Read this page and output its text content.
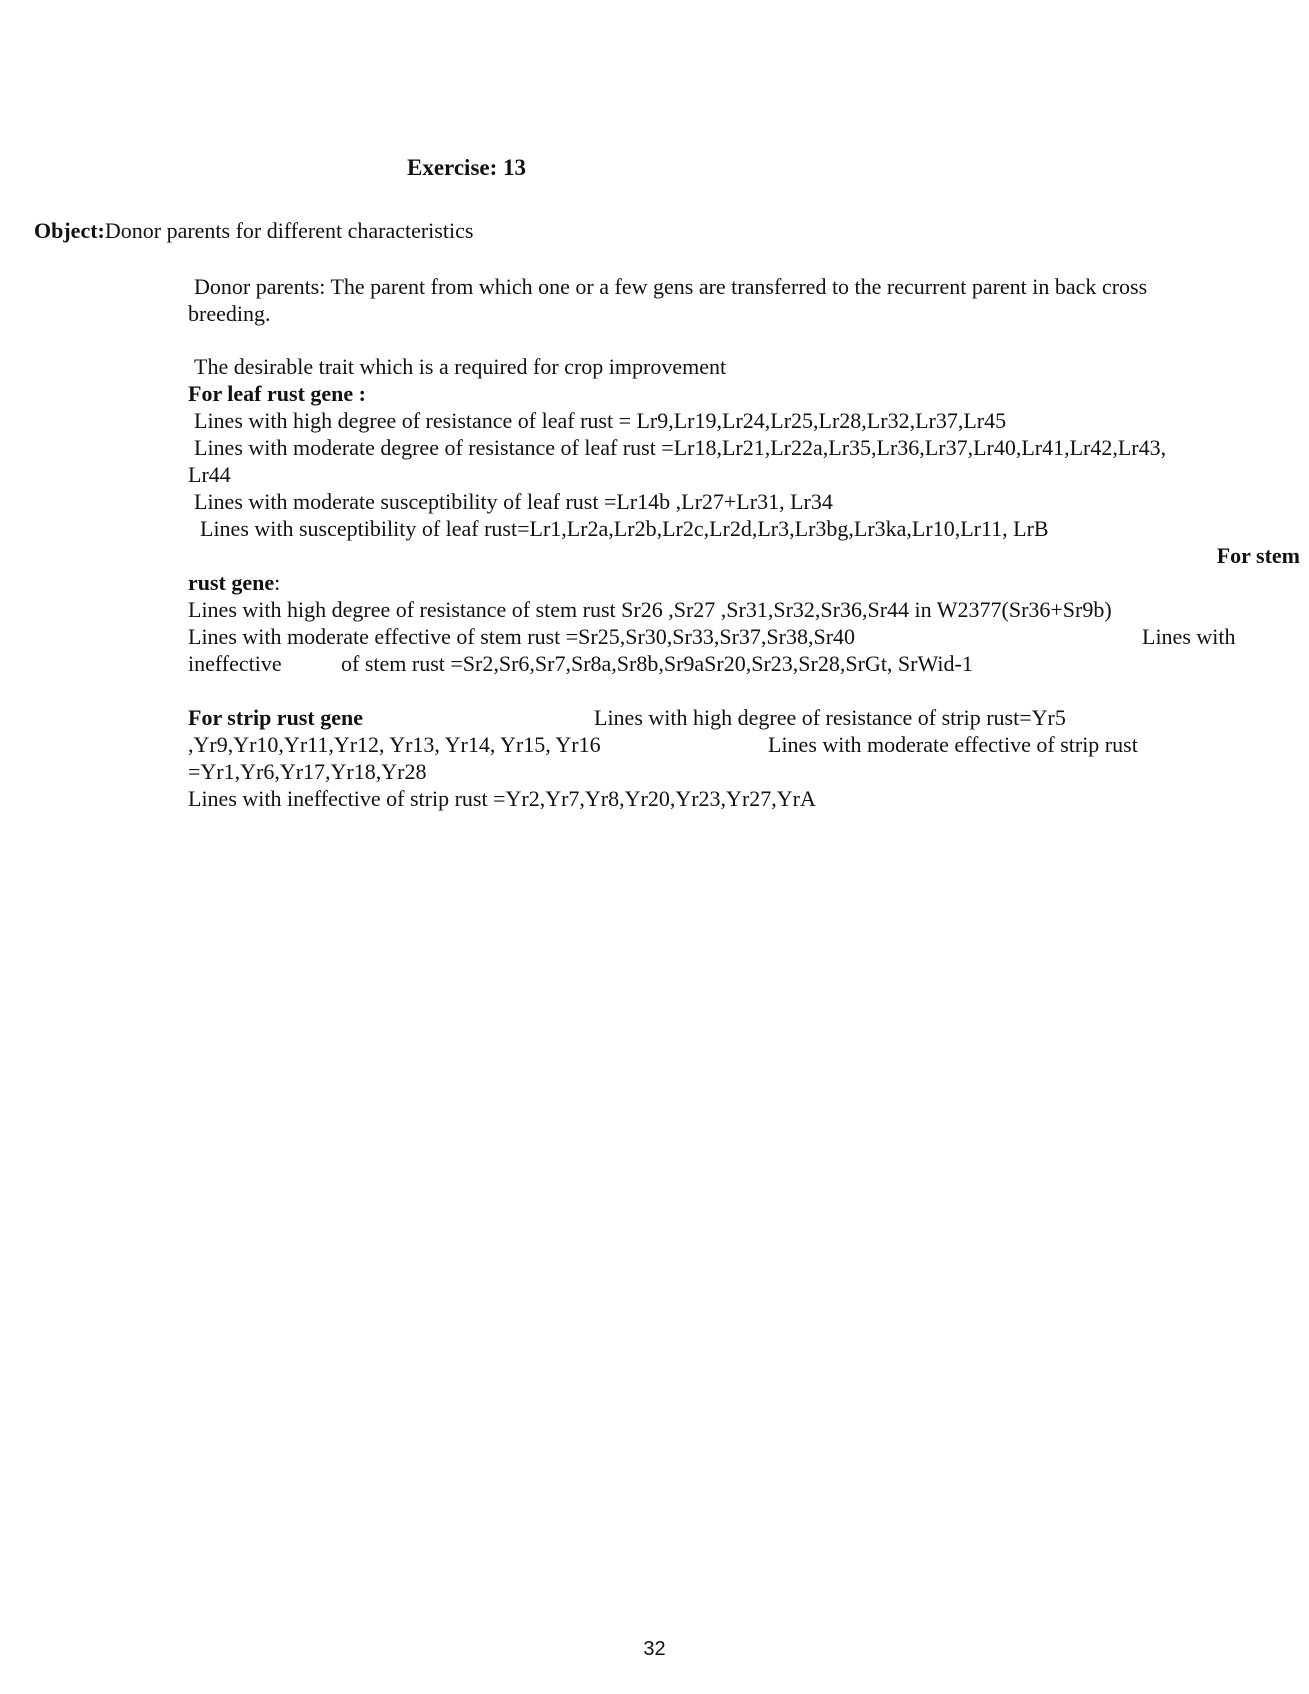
Exercise: 13
Object:Donor parents for different characteristics
Donor parents: The parent from which one or a few gens are transferred to the recurrent parent in back cross
breeding.
The desirable trait which is a required for crop improvement
For leaf rust gene :
Lines with high degree of resistance of leaf rust = Lr9,Lr19,Lr24,Lr25,Lr28,Lr32,Lr37,Lr45
Lines with moderate degree of resistance of leaf rust =Lr18,Lr21,Lr22a,Lr35,Lr36,Lr37,Lr40,Lr41,Lr42,Lr43,
Lr44
Lines with moderate susceptibility of leaf rust =Lr14b ,Lr27+Lr31, Lr34
Lines with susceptibility of leaf rust=Lr1,Lr2a,Lr2b,Lr2c,Lr2d,Lr3,Lr3bg,Lr3ka,Lr10,Lr11, LrB
For stem
rust gene:
Lines with high degree of resistance of stem rust Sr26 ,Sr27 ,Sr31,Sr32,Sr36,Sr44 in W2377(Sr36+Sr9b)
Lines with moderate effective of stem rust =Sr25,Sr30,Sr33,Sr37,Sr38,Sr40	Lines with
ineffective	of stem rust =Sr2,Sr6,Sr7,Sr8a,Sr8b,Sr9aSr20,Sr23,Sr28,SrGt, SrWid-1
For strip rust gene	Lines with high degree of resistance of strip rust=Yr5
,Yr9,Yr10,Yr11,Yr12, Yr13, Yr14, Yr15, Yr16	Lines with moderate effective of strip rust
=Yr1,Yr6,Yr17,Yr18,Yr28
Lines with ineffective of strip rust =Yr2,Yr7,Yr8,Yr20,Yr23,Yr27,YrA
32
